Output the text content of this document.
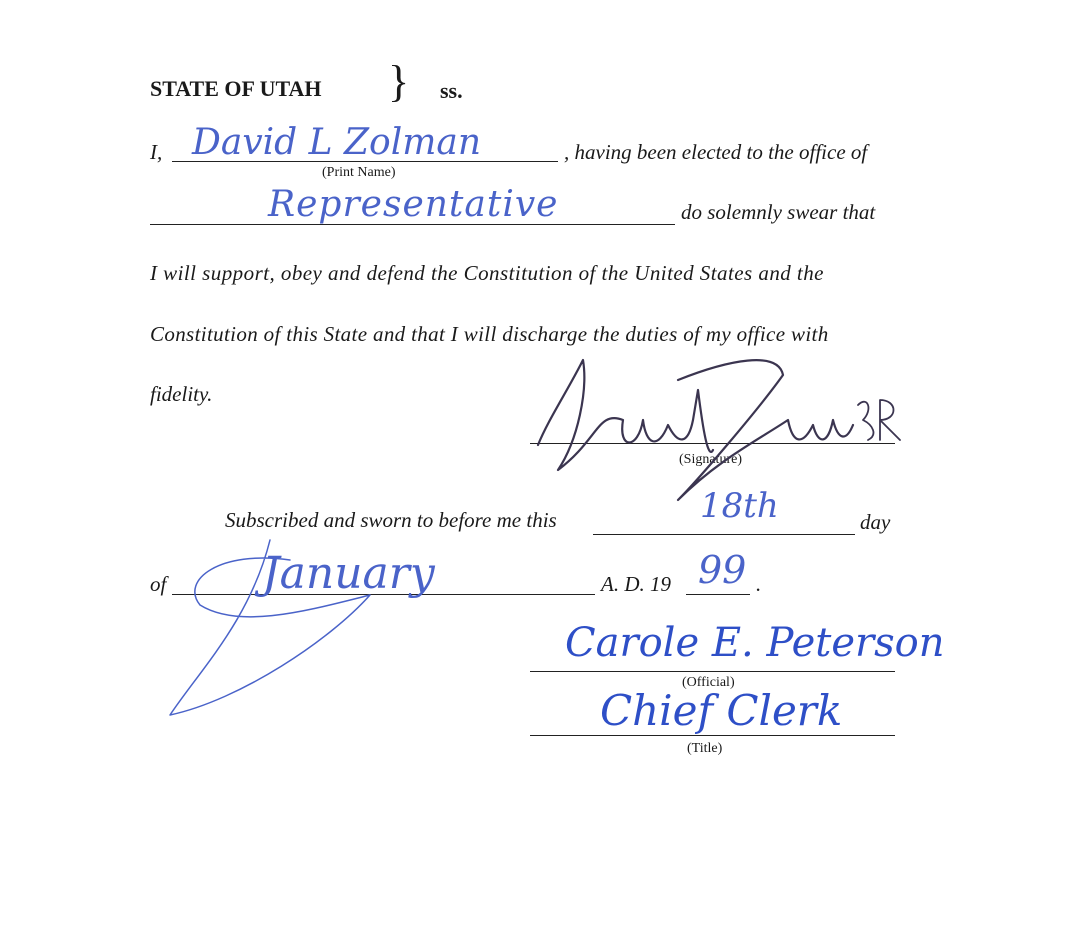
STATE OF UTAH } ss.
I,	, having been elected to the office of
(Print Name)
David L Zolman
do solemnly swear that
Representative
I will support, obey and defend the Constitution of the United States and the
Constitution of this State and that I will discharge the duties of my office with
fidelity.
(Signature)
Subscribed and sworn to before me this	day
18th
of	A. D. 19	.
January	99
(Official)
Carole E. Peterson
(Title)
Chief Clerk
